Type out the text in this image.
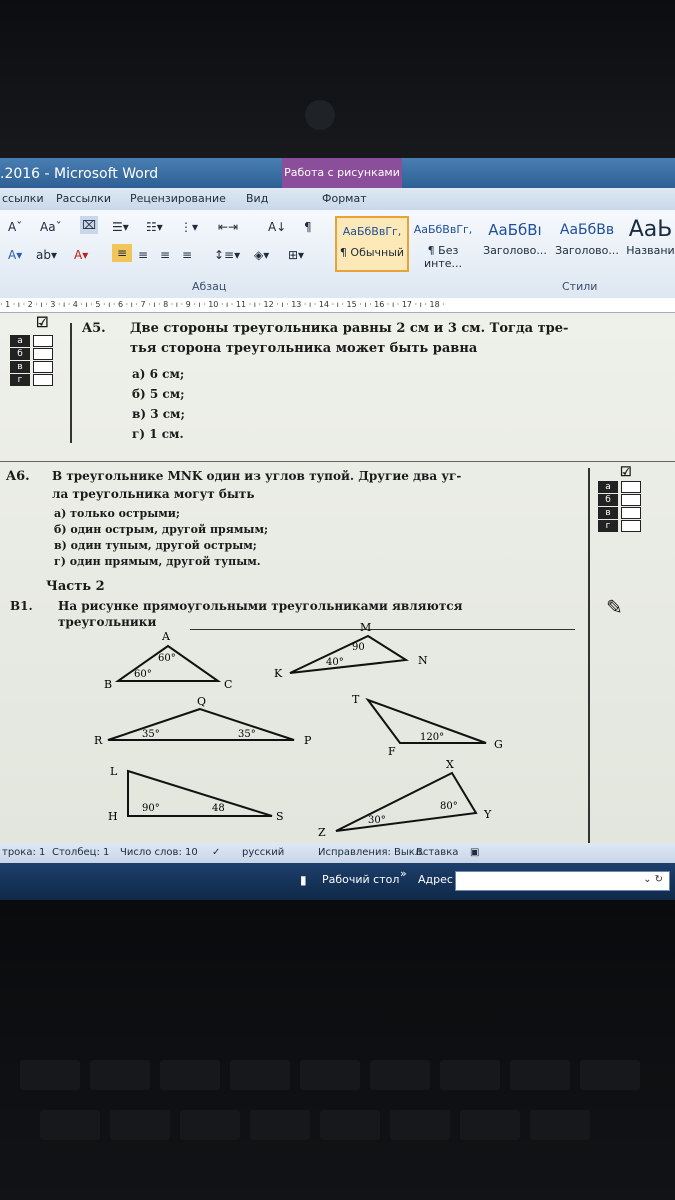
.2016 - Microsoft Word	Работа с рисунками
ссылки Рассылки Рецензирование Вид	Формат
Aˇ Aaˇ ⌧ ☰▾ ☷▾ ⋮▾ ⇤⇥ A↓ ¶
A▾ ab▾ A▾	≡ ≡ ≡ ≡ ↕≡▾ ◈▾ ⊞▾
Абзац
АаБбВвГг,
¶ Обычный
АаБбВвГг,
¶ Без инте...
АаБбВı
Заголово...
АаБбВв
Заголово...
АаЬ
Названи
Стили
· 1 · ı · 2 · ı · 3 · ı · 4 · ı · 5 · ı · 6 · ı · 7 · ı · 8 · ı · 9 · ı · 10 · ı · 11 · ı · 12 · ı · 13 · ı · 14 · ı · 15 · ı · 16 · ı · 17 · ı · 18 ·
а
б
в
г
☑	A5. Две стороны треугольника равны 2 см и 3 см. Тогда тре-
тья сторона треугольника может быть равна
а) 6 см;
б) 5 см;
в) 3 см;
г) 1 см.
A6. В треугольнике MNK один из углов тупой. Другие два уг-
ла треугольника могут быть
а) только острыми;
б) один острым, другой прямым;
в) один тупым, другой острым;
г) один прямым, другой тупым.
☑
а
б
в
г
Часть 2
B1. На рисунке прямоугольными треугольниками являются
треугольники
✎
A
B	C
60°
60°
M
N
K
90
40°
Q
R	P
35°	35°
T
F
G
120°
L
H	S
90°	48
X
Z
Y
30°
80°
трока: 1 Столбец: 1 Число слов: 10 ✓ русский	Исправления: Выкл.
Вставка ▣
▮ Рабочий стол » Адрес	⌄ ↻
